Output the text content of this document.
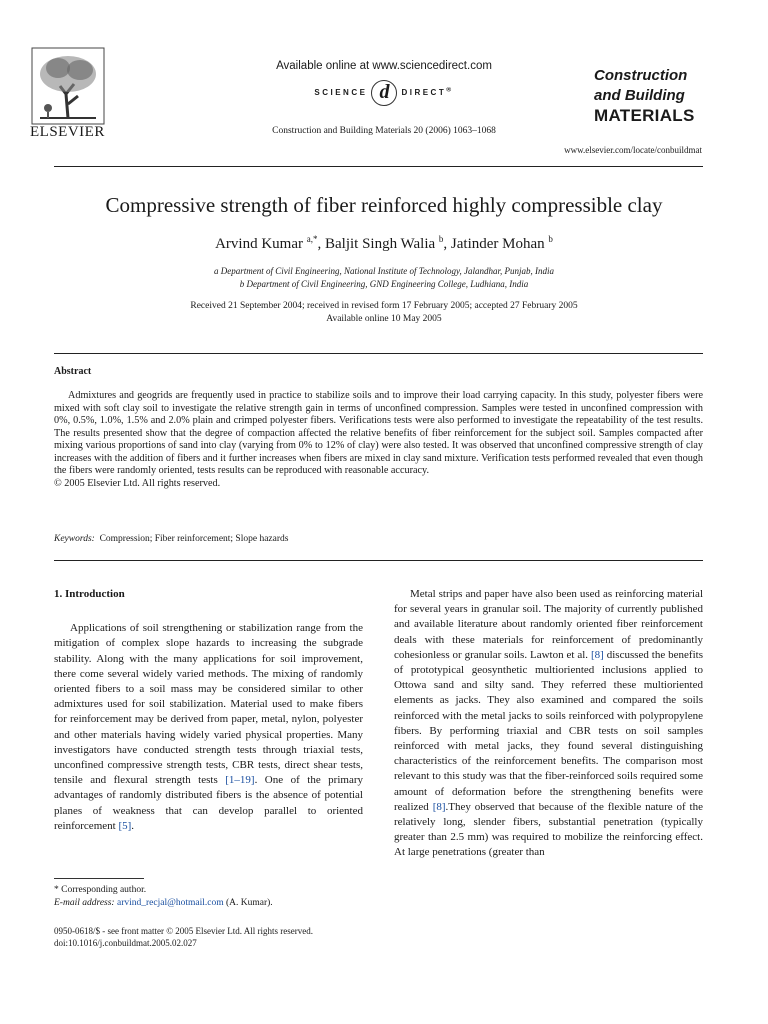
ELSEVIER
Available online at www.sciencedirect.com
SCIENCE d DIRECT®
Construction and Building Materials 20 (2006) 1063–1068
Construction
and Building
MATERIALS
www.elsevier.com/locate/conbuildmat
Compressive strength of fiber reinforced highly compressible clay
Arvind Kumar $^{a,*}$, Baljit Singh Walia $^b$, Jatinder Mohan $^b$
a Department of Civil Engineering, National Institute of Technology, Jalandhar, Punjab, India
b Department of Civil Engineering, GND Engineering College, Ludhiana, India
Received 21 September 2004; received in revised form 17 February 2005; accepted 27 February 2005
Available online 10 May 2005
Abstract
Admixtures and geogrids are frequently used in practice to stabilize soils and to improve their load carrying capacity. In this study, polyester fibers were mixed with soft clay soil to investigate the relative strength gain in terms of unconfined compression. Samples were tested in unconfined compression with 0%, 0.5%, 1.0%, 1.5% and 2.0% plain and crimped polyester fibers. Verifications tests were also performed to investigate the repeatability of the test results. The results presented show that the degree of compaction affected the relative benefits of fiber reinforcement for the subject soil. Samples compacted after mixing various proportions of sand into clay (varying from 0% to 12% of clay) were also tested. It was observed that unconfined compressive strength of clay increases with the addition of fibers and it further increases when fibers are mixed in clay sand mixture. Verification tests performed revealed that even though the fibers were randomly oriented, tests results can be reproduced with reasonable accuracy.
© 2005 Elsevier Ltd. All rights reserved.
Keywords: Compression; Fiber reinforcement; Slope hazards
1. Introduction

Applications of soil strengthening or stabilization range from the mitigation of complex slope hazards to increasing the subgrade stability. Along with the many applications for soil improvement, there come several widely varied methods. The mixing of randomly oriented fibers to a soil mass may be considered similar to other admixtures used for soil stabilization. Material used to make fibers for reinforcement may be derived from paper, metal, nylon, polyester and other materials having widely varied physical properties. Many investigators have conducted strength tests through triaxial tests, unconfined compressive strength tests, CBR tests, direct shear tests, tensile and flexural strength tests [1–19]. One of the primary advantages of randomly distributed fibers is the absence of potential planes of weakness that can develop parallel to oriented reinforcement [5].

Metal strips and paper have also been used as reinforcing material for several years in granular soil. The majority of currently published and available literature about randomly oriented fiber reinforcement deals with these materials for reinforcement of predominantly cohesionless or granular soils. Lawton et al. [8] discussed the benefits of prototypical geosynthetic multioriented inclusions applied to Ottowa sand and silty sand. They referred these multioriented elements as jacks. They also examined and compared the soils reinforced with the metal jacks to soils reinforced with polypropylene fibers. By performing triaxial and CBR tests on soil samples reinforced with metal jacks, they found several distinguishing characteristics of the reinforcement benefits. The comparison most relevant to this study was that the fiber-reinforced soils required some amount of deformation before the strengthening benefits were realized [8].They observed that because of the flexible nature of the relatively long, slender fibers, substantial penetration (typically greater than 2.5 mm) was required to mobilize the reinforcing effect. At large penetrations (greater than

* Corresponding author.
E-mail address: arvind_recjal@hotmail.com (A. Kumar).
0950-0618/$ - see front matter © 2005 Elsevier Ltd. All rights reserved.
doi:10.1016/j.conbuildmat.2005.02.027
